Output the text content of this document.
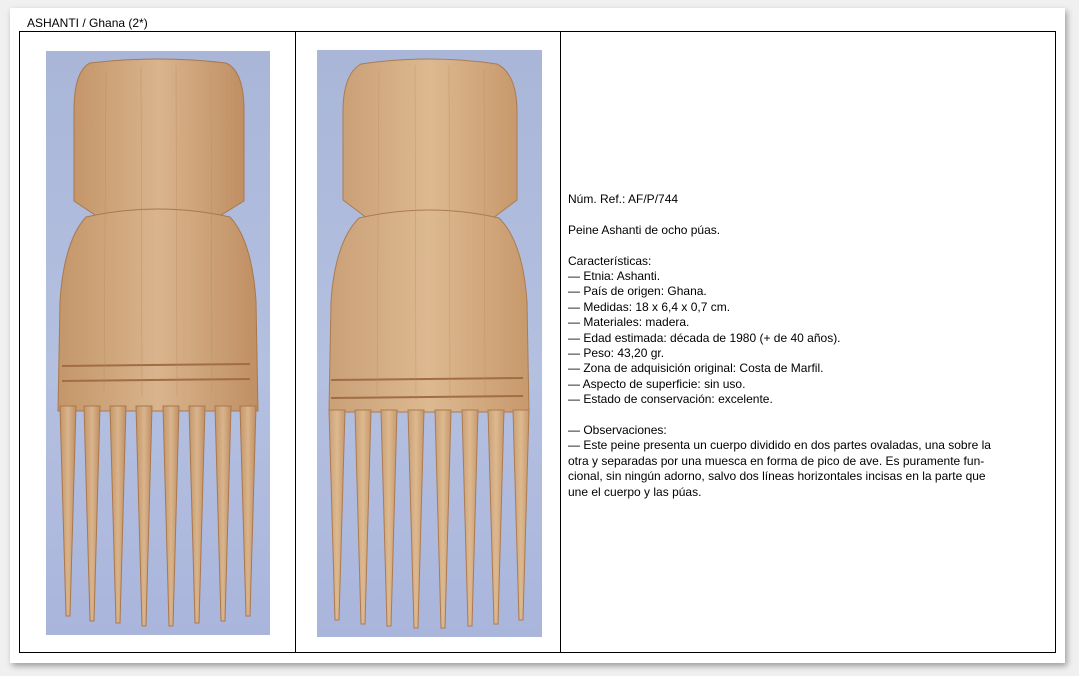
ASHANTI / Ghana (2*)

Núm. Ref.: AF/P/744

Peine Ashanti de ocho púas.

Características:

— Etnia: Ashanti.

— País de origen: Ghana.

— Medidas: 18 x 6,4 x 0,7 cm.

— Materiales: madera.

— Edad estimada: década de 1980 (+ de 40 años).

— Peso: 43,20 gr.

— Zona de adquisición original: Costa de Marfil.

— Aspecto de superficie: sin uso.

— Estado de conservación: excelente.

— Observaciones:

— Este peine presenta un cuerpo dividido en dos partes ovaladas, una sobre la

otra y separadas por una muesca en forma de pico de ave. Es puramente fun-

cional, sin ningún adorno, salvo dos líneas horizontales incisas en la parte que

une el cuerpo y las púas.
